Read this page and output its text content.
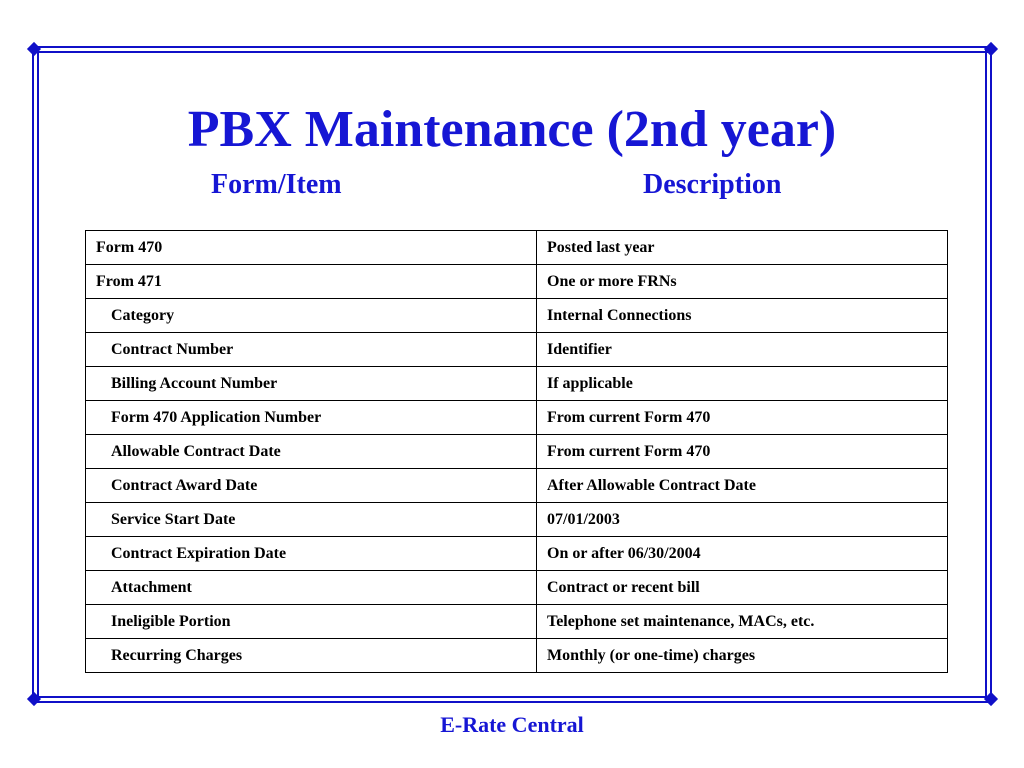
PBX Maintenance (2nd year)
Form/Item	Description
Form 470	Posted last year
From 471	One or more FRNs
Category	Internal Connections
Contract Number	Identifier
Billing Account Number	If applicable
Form 470 Application Number	From current Form 470
Allowable Contract Date	From current Form 470
Contract Award Date	After Allowable Contract Date
Service Start Date	07/01/2003
Contract Expiration Date	On or after 06/30/2004
Attachment	Contract or recent bill
Ineligible Portion	Telephone set maintenance, MACs, etc.
Recurring Charges	Monthly (or one-time) charges
E-Rate Central
